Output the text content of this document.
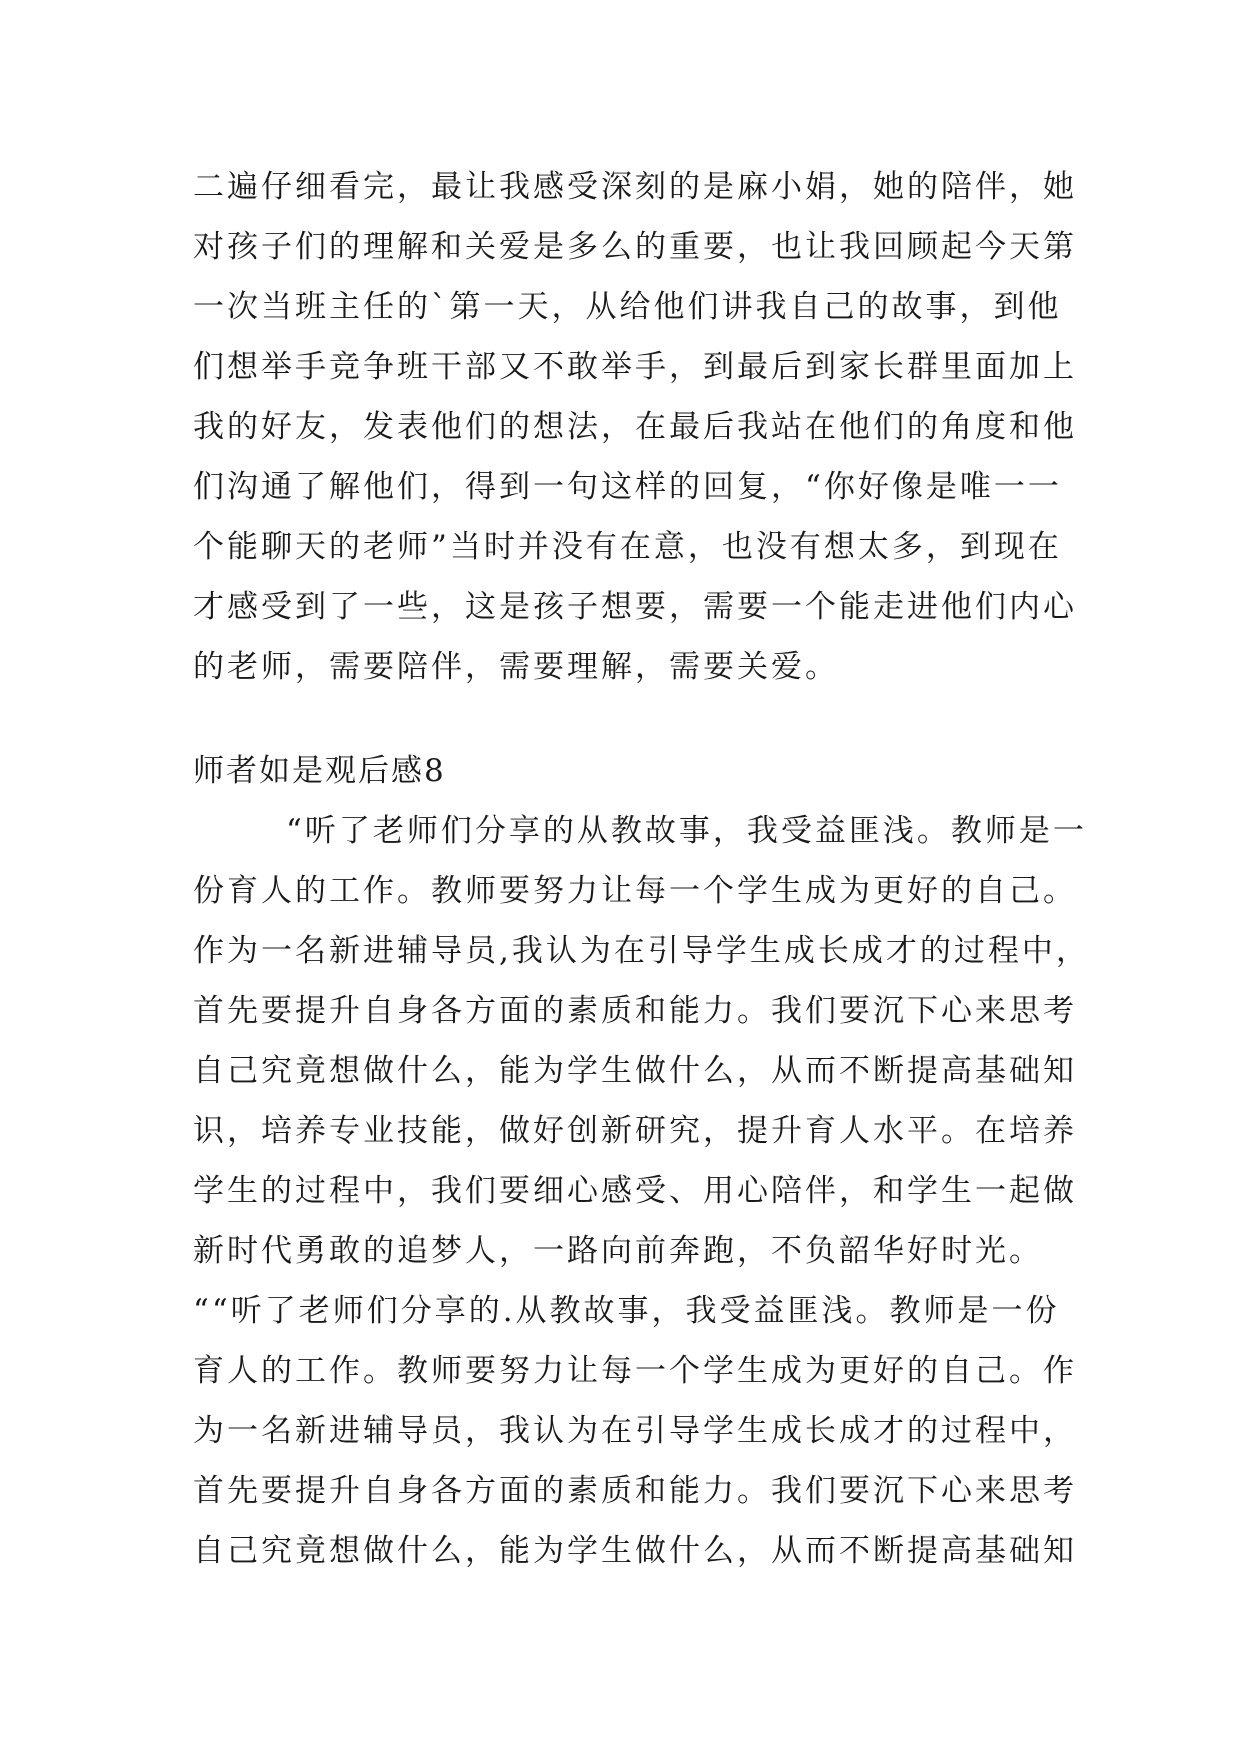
二遍仔细看完，最让我感受深刻的是麻小娟，她的陪伴，她
对孩子们的理解和关爱是多么的重要，也让我回顾起今天第
一次当班主任的`第一天，从给他们讲我自己的故事，到他
们想举手竞争班干部又不敢举手，到最后到家长群里面加上
我的好友，发表他们的想法，在最后我站在他们的角度和他
们沟通了解他们，得到一句这样的回复，“你好像是唯一一
个能聊天的老师”当时并没有在意，也没有想太多，到现在
才感受到了一些，这是孩子想要，需要一个能走进他们内心
的老师，需要陪伴，需要理解，需要关爱。
师者如是观后感8
“听了老师们分享的从教故事，我受益匪浅。教师是一
份育人的工作。教师要努力让每一个学生成为更好的自己。
作为一名新进辅导员,我认为在引导学生成长成才的过程中，
首先要提升自身各方面的素质和能力。我们要沉下心来思考
自己究竟想做什么，能为学生做什么，从而不断提高基础知
识，培养专业技能，做好创新研究，提升育人水平。在培养
学生的过程中，我们要细心感受、用心陪伴，和学生一起做
新时代勇敢的追梦人，一路向前奔跑，不负韶华好时光。
““听了老师们分享的.从教故事，我受益匪浅。教师是一份
育人的工作。教师要努力让每一个学生成为更好的自己。作
为一名新进辅导员，我认为在引导学生成长成才的过程中，
首先要提升自身各方面的素质和能力。我们要沉下心来思考
自己究竟想做什么，能为学生做什么，从而不断提高基础知
